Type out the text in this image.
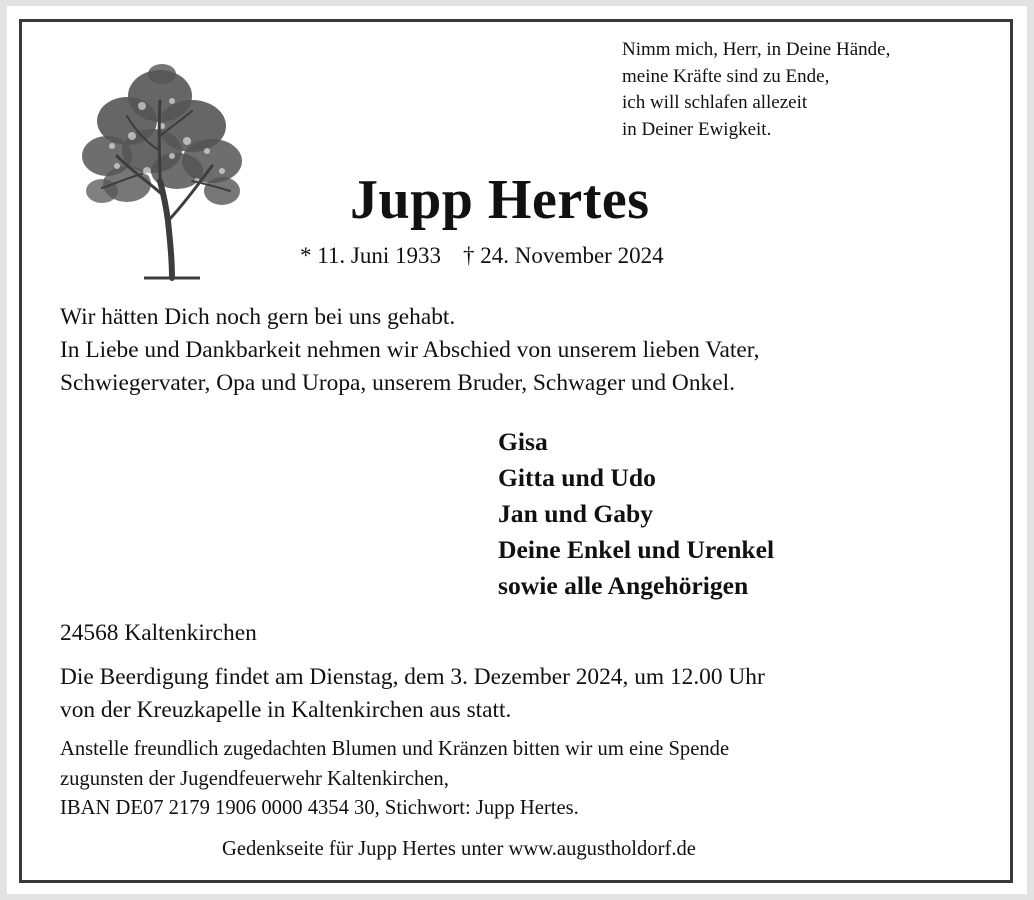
Nimm mich, Herr, in Deine Hände,
meine Kräfte sind zu Ende,
ich will schlafen allezeit
in Deiner Ewigkeit.
Jupp Hertes
* 11. Juni 1933 † 24. November 2024
Wir hätten Dich noch gern bei uns gehabt.
In Liebe und Dankbarkeit nehmen wir Abschied von unserem lieben Vater,
Schwiegervater, Opa und Uropa, unserem Bruder, Schwager und Onkel.
Gisa
Gitta und Udo
Jan und Gaby
Deine Enkel und Urenkel
sowie alle Angehörigen
24568 Kaltenkirchen
Die Beerdigung findet am Dienstag, dem 3. Dezember 2024, um 12.00 Uhr
von der Kreuzkapelle in Kaltenkirchen aus statt.
Anstelle freundlich zugedachten Blumen und Kränzen bitten wir um eine Spende
zugunsten der Jugendfeuerwehr Kaltenkirchen,
IBAN DE07 2179 1906 0000 4354 30, Stichwort: Jupp Hertes.
Gedenkseite für Jupp Hertes unter www.augustholdorf.de
